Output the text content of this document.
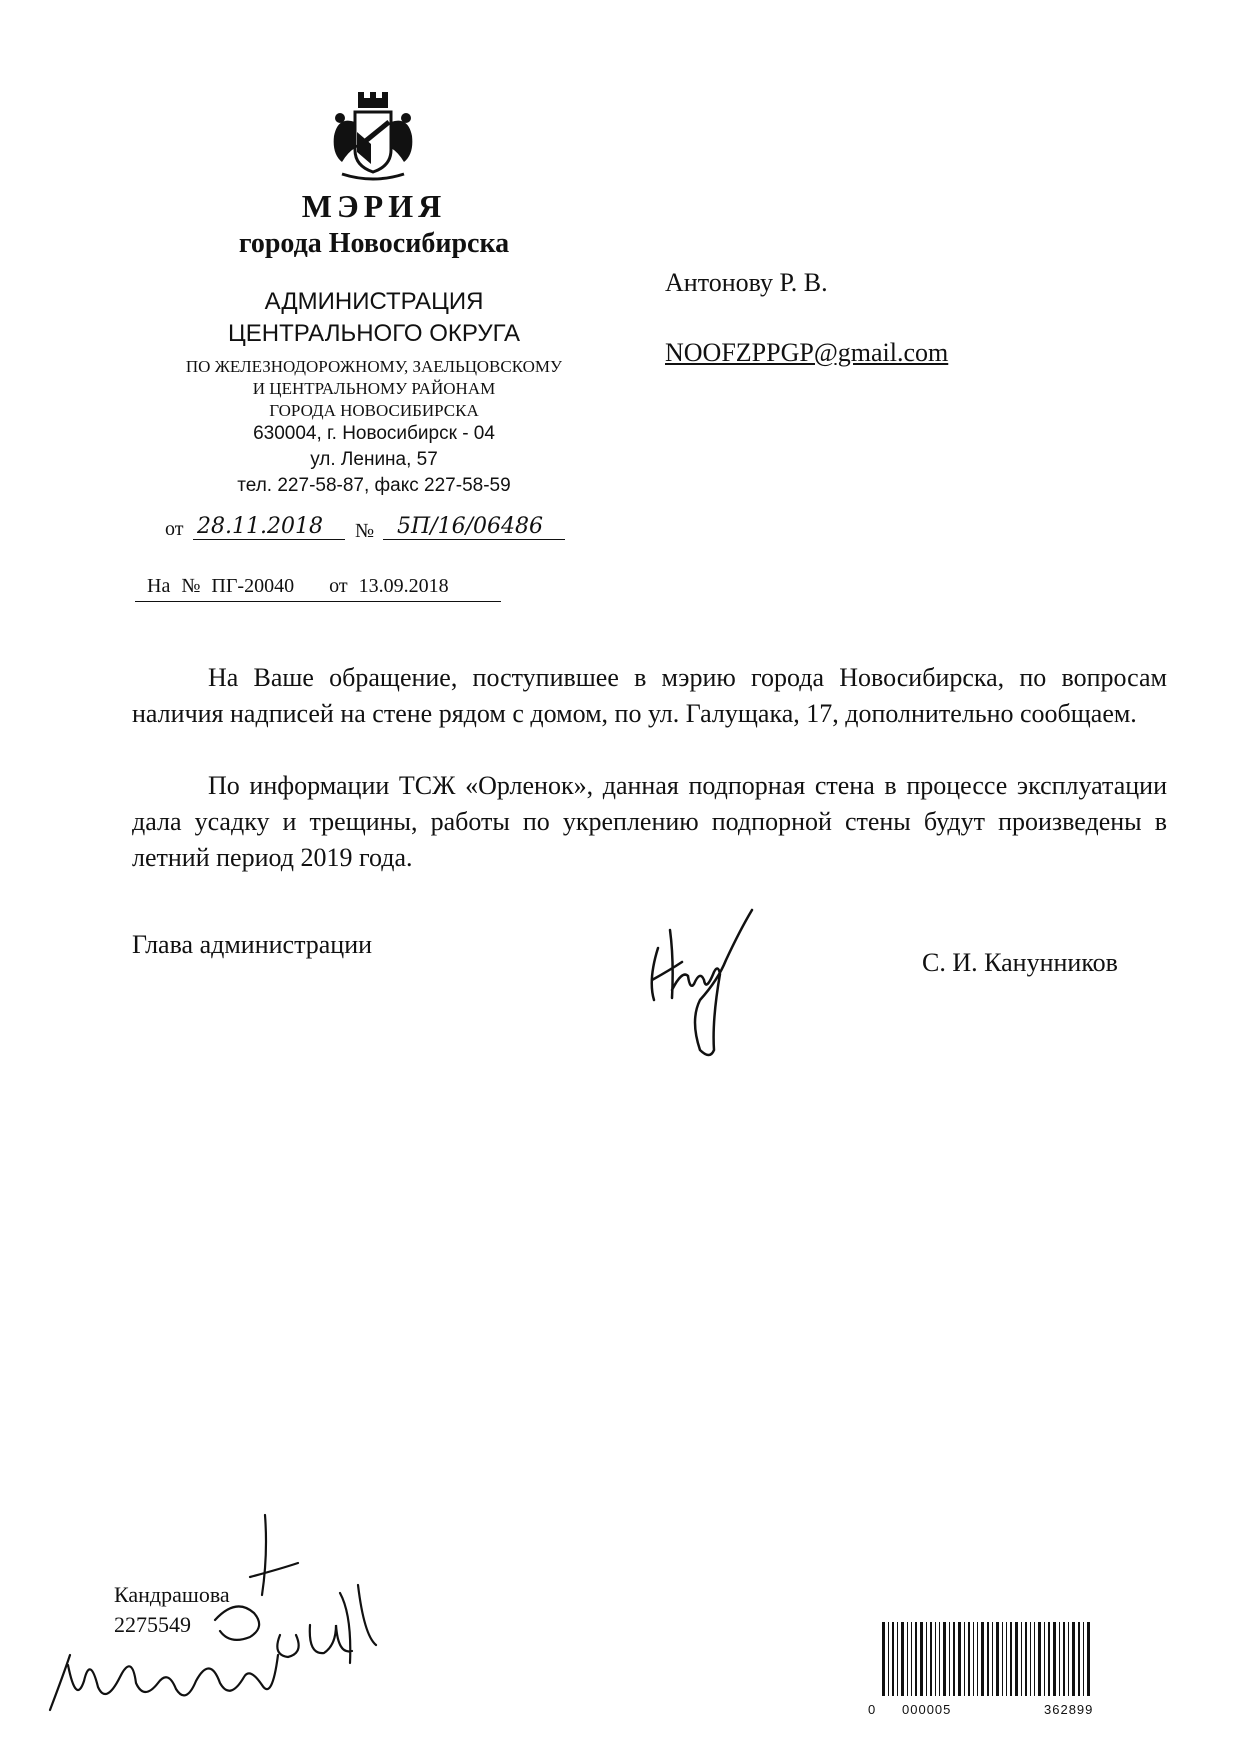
МЭРИЯ
города Новосибирска
АДМИНИСТРАЦИЯ
ЦЕНТРАЛЬНОГО ОКРУГА
ПО ЖЕЛЕЗНОДОРОЖНОМУ, ЗАЕЛЬЦОВСКОМУ
И ЦЕНТРАЛЬНОМУ РАЙОНАМ
ГОРОДА НОВОСИБИРСКА
630004, г. Новосибирск - 04
ул. Ленина, 57
тел. 227-58-87, факс 227-58-59
от 28.11.2018	№	5П/16/06486
На № ПГ-20040 от 13.09.2018
Антонову Р. В.
NOOFZPPGP@gmail.com

На Ваше обращение, поступившее в мэрию города Новосибирска, по вопросам наличия надписей на стене рядом с домом, по ул. Галущака, 17, дополнительно сообщаем.

По информации ТСЖ «Орленок», данная подпорная стена в процессе эксплуатации дала усадку и трещины, работы по укреплению подпорной стены будут произведены в летний период 2019 года.

Глава администрации
С. И. Канунников
Кандрашова
2275549
0 000005	362899
